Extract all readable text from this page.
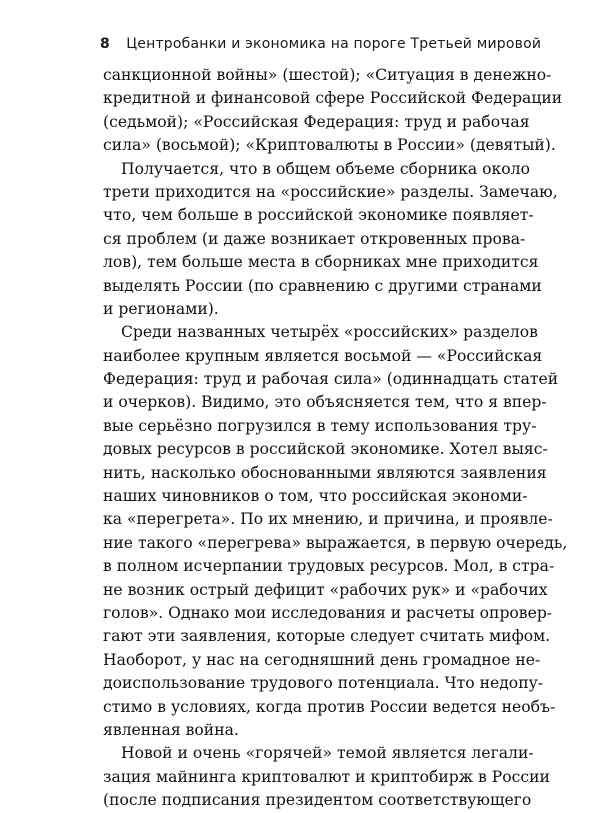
8 Центробанки и экономика на пороге Третьей мировой
санкционной войны» (шестой); «Ситуация в денежно-
кредитной и финансовой сфере Российской Федерации
(седьмой); «Российская Федерация: труд и рабочая
сила» (восьмой); «Криптовалюты в России» (девятый).
Получается, что в общем объеме сборника около
трети приходится на «российские» разделы. Замечаю,
что, чем больше в российской экономике появляет-
ся проблем (и даже возникает откровенных прова-
лов), тем больше места в сборниках мне приходится
выделять России (по сравнению с другими странами
и регионами).
Среди названных четырёх «российских» разделов
наиболее крупным является восьмой — «Российская
Федерация: труд и рабочая сила» (одиннадцать статей
и очерков). Видимо, это объясняется тем, что я впер-
вые серьёзно погрузился в тему использования тру-
довых ресурсов в российской экономике. Хотел выяс-
нить, насколько обоснованными являются заявления
наших чиновников о том, что российская экономи-
ка «перегрета». По их мнению, и причина, и проявле-
ние такого «перегрева» выражается, в первую очередь,
в полном исчерпании трудовых ресурсов. Мол, в стра-
не возник острый дефицит «рабочих рук» и «рабочих
голов». Однако мои исследования и расчеты опровер-
гают эти заявления, которые следует считать мифом.
Наоборот, у нас на сегодняшний день громадное не-
доиспользование трудового потенциала. Что недопу-
стимо в условиях, когда против России ведется необъ-
явленная война.
Новой и очень «горячей» темой является легали-
зация майнинга криптовалют и криптобирж в России
(после подписания президентом соответствующего
